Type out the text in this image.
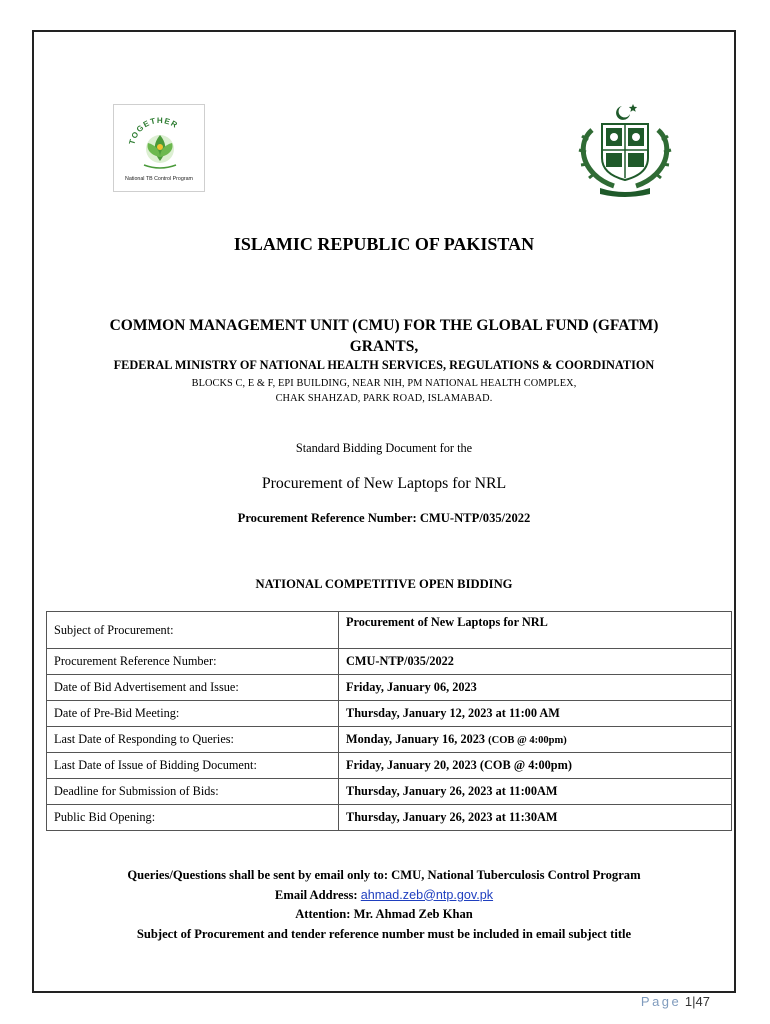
TOGETHER
National TB Control Program
ISLAMIC REPUBLIC OF PAKISTAN
COMMON MANAGEMENT UNIT (CMU) FOR THE GLOBAL FUND (GFATM)
GRANTS,
FEDERAL MINISTRY OF NATIONAL HEALTH SERVICES, REGULATIONS & COORDINATION
BLOCKS C, E & F, EPI BUILDING, NEAR NIH, PM NATIONAL HEALTH COMPLEX,
CHAK SHAHZAD, PARK ROAD, ISLAMABAD.
Standard Bidding Document for the
Procurement of New Laptops for NRL
Procurement Reference Number: CMU-NTP/035/2022
NATIONAL COMPETITIVE OPEN BIDDING
Subject of Procurement:	Procurement of New Laptops for NRL
Procurement Reference Number:	CMU-NTP/035/2022
Date of Bid Advertisement and Issue:	Friday, January 06, 2023
Date of Pre-Bid Meeting:	Thursday, January 12, 2023 at 11:00 AM
Last Date of Responding to Queries:	Monday, January 16, 2023 (COB @ 4:00pm)
Last Date of Issue of Bidding Document:	Friday, January 20, 2023 (COB @ 4:00pm)
Deadline for Submission of Bids:	Thursday, January 26, 2023 at 11:00AM
Public Bid Opening:	Thursday, January 26, 2023 at 11:30AM
Queries/Questions shall be sent by email only to: CMU, National Tuberculosis Control Program
Email Address: ahmad.zeb@ntp.gov.pk
Attention: Mr. Ahmad Zeb Khan
Subject of Procurement and tender reference number must be included in email subject title
Page 1|47
